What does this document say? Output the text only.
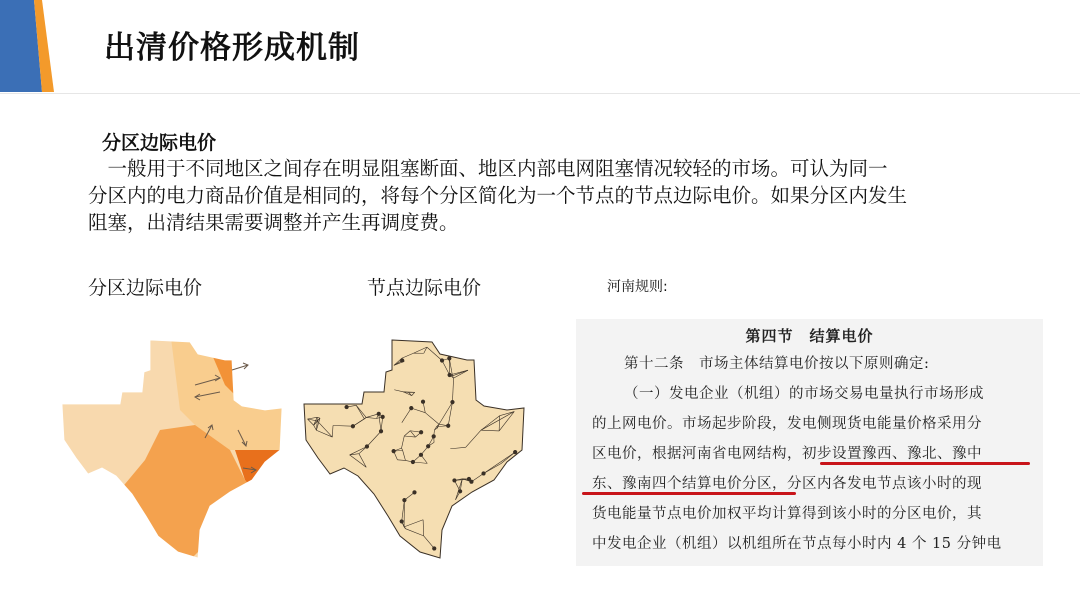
出清价格形成机制
分区边际电价
　一般用于不同地区之间存在明显阻塞断面、地区内部电网阻塞情况较轻的市场。可认为同一
分区内的电力商品价值是相同的，将每个分区简化为一个节点的节点边际电价。如果分区内发生
阻塞，出清结果需要调整并产生再调度费。
分区边际电价	节点边际电价	河南规则:
第四节　结算电价
第十二条　市场主体结算电价按以下原则确定:
（一）发电企业（机组）的市场交易电量执行市场形成
的上网电价。市场起步阶段，发电侧现货电能量价格采用分
区电价，根据河南省电网结构，初步设置豫西、豫北、豫中
东、豫南四个结算电价分区，分区内各发电节点该小时的现
货电能量节点电价加权平均计算得到该小时的分区电价，其
中发电企业（机组）以机组所在节点每小时内 4 个 15 分钟电
